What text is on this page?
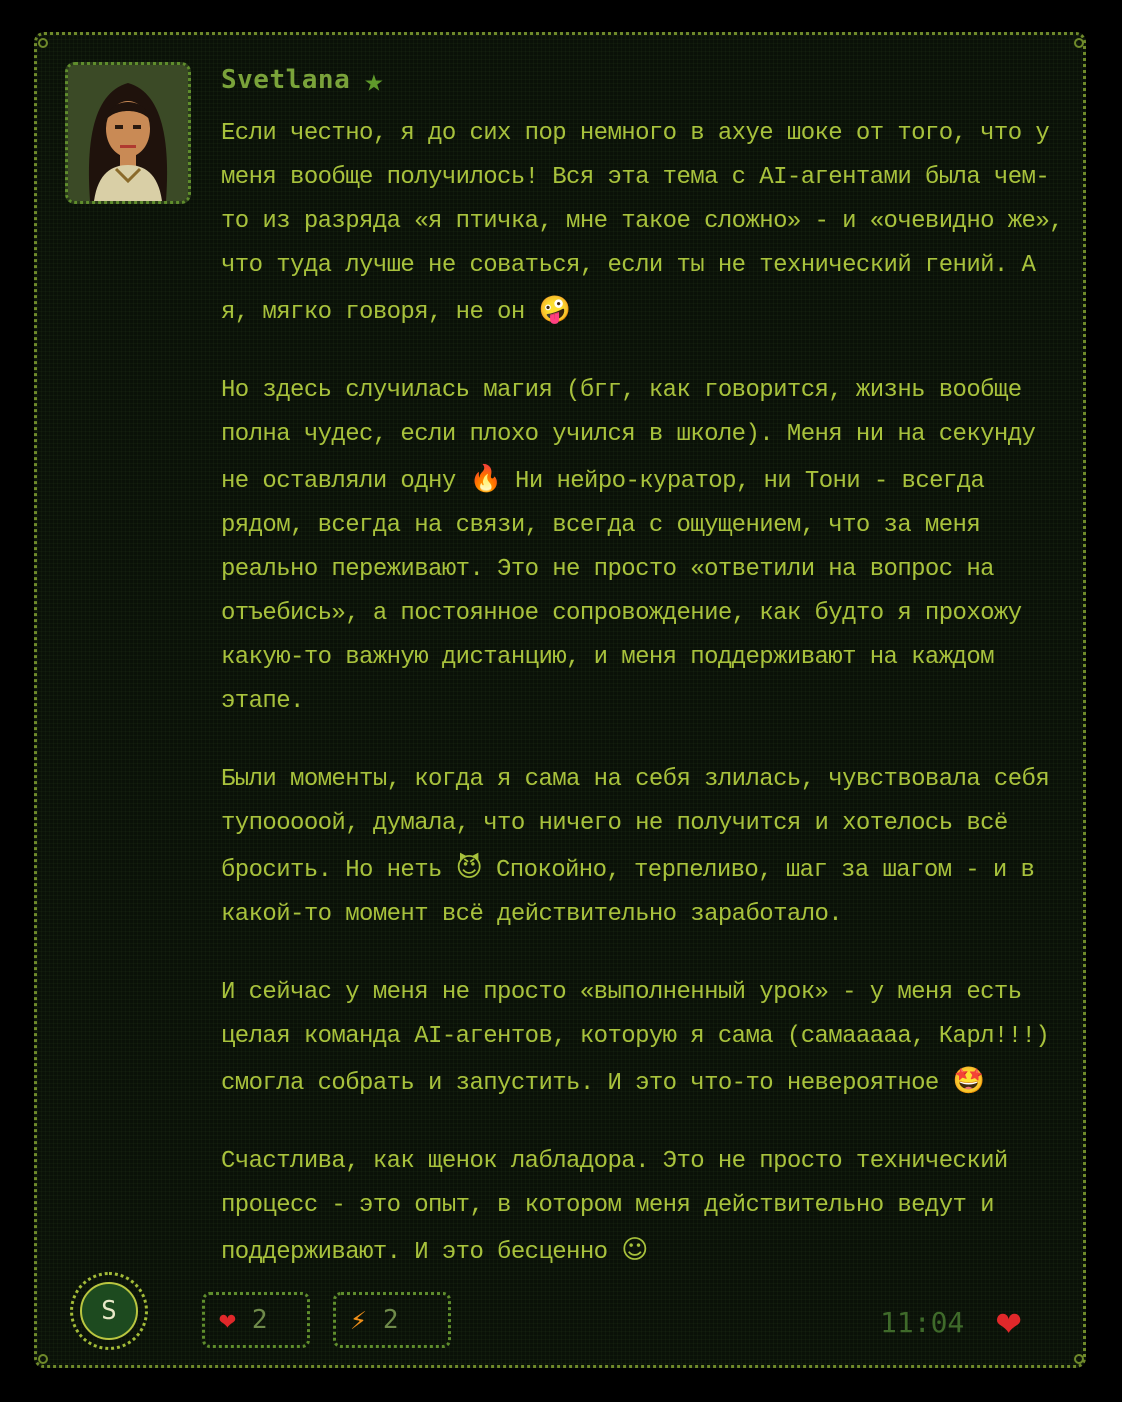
Svetlana ★

Если честно, я до сих пор немного в ахуе шоке от того, что у меня вообще получилось! Вся эта тема с AI-агентами была чем-то из разряда «я птичка, мне такое сложно» - и «очевидно же», что туда лучше не соваться, если ты не технический гений. А я, мягко говоря, не он 🤪

Но здесь случилась магия (бгг, как говорится, жизнь вообще полна чудес, если плохо учился в школе). Меня ни на секунду не оставляли одну 🔥 Ни нейро-куратор, ни Тони - всегда рядом, всегда на связи, всегда с ощущением, что за меня реально переживают. Это не просто «ответили на вопрос на отъебись», а постоянное сопровождение, как будто я прохожу какую-то важную дистанцию, и меня поддерживают на каждом этапе.

Были моменты, когда я сама на себя злилась, чувствовала себя тупооооой, думала, что ничего не получится и хотелось всё бросить. Но неть 😈 Спокойно, терпеливо, шаг за шагом - и в какой-то момент всё действительно заработало.

И сейчас у меня не просто «выполненный урок» - у меня есть целая команда AI-агентов, которую я сама (самааааа, Карл!!!) смогла собрать и запустить. И это что-то невероятное 🤩

Счастлива, как щенок лабладора. Это не просто технический процесс - это опыт, в котором меня действительно ведут и поддерживают. И это бесценно ☺

S	❤ 2	⚡ 2	11:04 ❤
